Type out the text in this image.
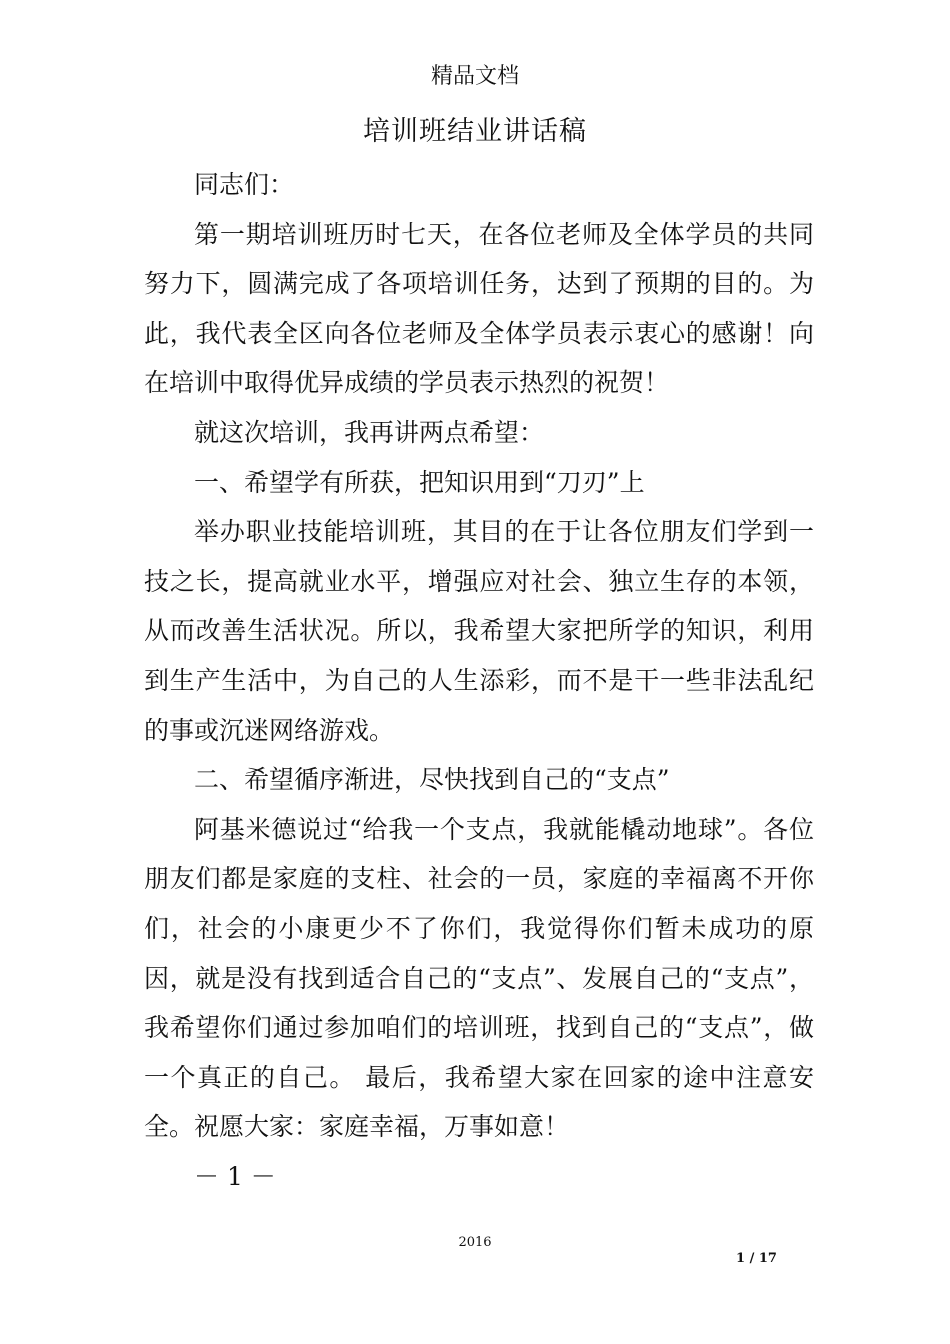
精品文档
培训班结业讲话稿

同志们：

第一期培训班历时七天，在各位老师及全体学员的共同努力下，圆满完成了各项培训任务，达到了预期的目的。为此，我代表全区向各位老师及全体学员表示衷心的感谢！向在培训中取得优异成绩的学员表示热烈的祝贺！

就这次培训，我再讲两点希望：

一、希望学有所获，把知识用到“刀刃”上

举办职业技能培训班，其目的在于让各位朋友们学到一技之长，提高就业水平，增强应对社会、独立生存的本领，从而改善生活状况。所以，我希望大家把所学的知识，利用到生产生活中，为自己的人生添彩，而不是干一些非法乱纪的事或沉迷网络游戏。

二、希望循序渐进，尽快找到自己的“支点”

阿基米德说过“给我一个支点，我就能橇动地球”。各位朋友们都是家庭的支柱、社会的一员，家庭的幸福离不开你们，社会的小康更少不了你们，我觉得你们暂未成功的原因，就是没有找到适合自己的“支点”、发展自己的“支点”，我希望你们通过参加咱们的培训班，找到自己的“支点”，做一个真正的自己。 最后，我希望大家在回家的途中注意安全。祝愿大家：家庭幸福，万事如意！

－ 1 －

2016
1 / 17
